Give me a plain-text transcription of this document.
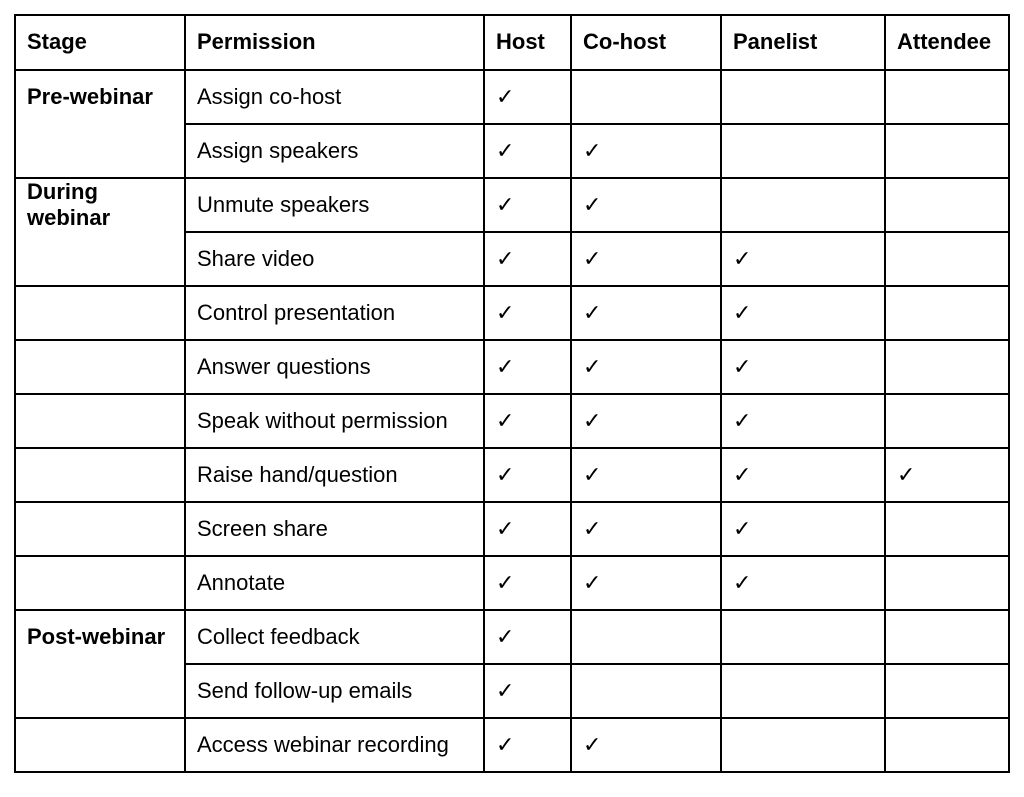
Stage	Permission	Host	Co-host	Panelist	Attendee

Pre-webinar	Assign co-host	✓			
	Assign speakers	✓	✓		

During webinar	Unmute speakers	✓	✓		
	Share video	✓	✓	✓	
	Control presentation	✓	✓	✓	
	Answer questions	✓	✓	✓	
	Speak without permission	✓	✓	✓	
	Raise hand/question	✓	✓	✓	✓
	Screen share	✓	✓	✓	
	Annotate	✓	✓	✓	

Post-webinar	Collect feedback	✓			
	Send follow-up emails	✓			
	Access webinar recording	✓	✓		
